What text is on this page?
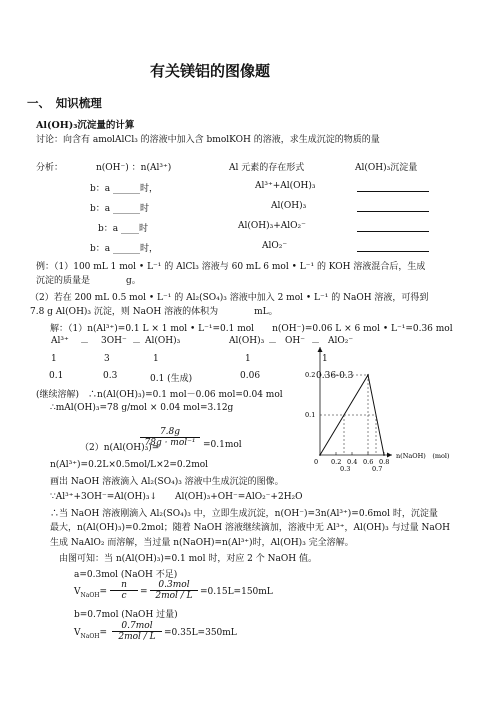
有关镁铝的图像题
一、　知识梳理
Al(OH)₃沉淀量的计算
讨论：向含有 amolAlCl₃ 的溶液中加入含 bmolKOH 的溶液，求生成沉淀的物质的量
分析：	n(OH⁻) ：n(Al³⁺)	Al 元素的存在形式	Al(OH)₃沉淀量
b：a ______时，	Al³⁺+Al(OH)₃
b：a ______时	Al(OH)₃
b：a ____时	Al(OH)₃+AlO₂⁻
b：a ______时，	AlO₂⁻
例：（1）100 mL 1 mol • L⁻¹ 的 AlCl₃ 溶液与 60 mL 6 mol • L⁻¹ 的 KOH 溶液混合后，生成
沉淀的质量是　　　　g。
（2）若在 200 mL 0.5 mol • L⁻¹ 的 Al₂(SO₄)₃ 溶液中加入 2 mol • L⁻¹ 的 NaOH 溶液，可得到
7.8 g Al(OH)₃ 沉淀，则 NaOH 溶液的体积为　　　　mL。
解：（1）n(Al³⁺)=0.1 L × 1 mol • L⁻¹=0.1 mol　　n(OH⁻)=0.06 L × 6 mol • L⁻¹=0.36 mol
Al³⁺ － 3OH⁻ － Al(OH)₃	Al(OH)₃ － OH⁻ － AlO₂⁻
1	3	1	1	1
0.1	0.3	0.1 (生成)	0.06	0.36-0.3
(继续溶解)　∴n(Al(OH)₃)=0.1 mol－0.06 mol=0.04 mol
∴mAl(OH)₃=78 g/mol × 0.04 mol=3.12g
（2）n(Al(OH)₃)=
7.8g
78g · mol⁻¹ =0.1mol
n(Al³⁺)=0.2L×0.5mol/L×2=0.2mol
画出 NaOH 溶液滴入 Al₂(SO₄)₃ 溶液中生成沉淀的图像。
∵Al³⁺+3OH⁻=Al(OH)₃↓　　Al(OH)₃+OH⁻=AlO₂⁻+2H₂O
∴当 NaOH 溶液刚滴入 Al₂(SO₄)₃ 中，立即生成沉淀，n(OH⁻)=3n(Al³⁺)=0.6mol 时，沉淀量
最大，n(Al(OH)₃)=0.2mol；随着 NaOH 溶液继续滴加，溶液中无 Al³⁺，Al(OH)₃ 与过量 NaOH
生成 NaAlO₂ 而溶解，当过量 n(NaOH)=n(Al³⁺)时，Al(OH)₃ 完全溶解。
由图可知：当 n(Al(OH)₃)=0.1 mol 时，对应 2 个 NaOH 值。
a=0.3mol (NaOH 不足)
$V_{NaOH}= \frac{n}{c}$ =
0.3mol
2mol / L =0.15L=150mL
b=0.7mol (NaOH 过量)
$V_{NaOH}=$
0.7mol
2mol / L =0.35L=350mL
n(NaOH)　(mol)
0 0.2 0.4 0.6 0.8
0.3	0.7
0.1
0.2
